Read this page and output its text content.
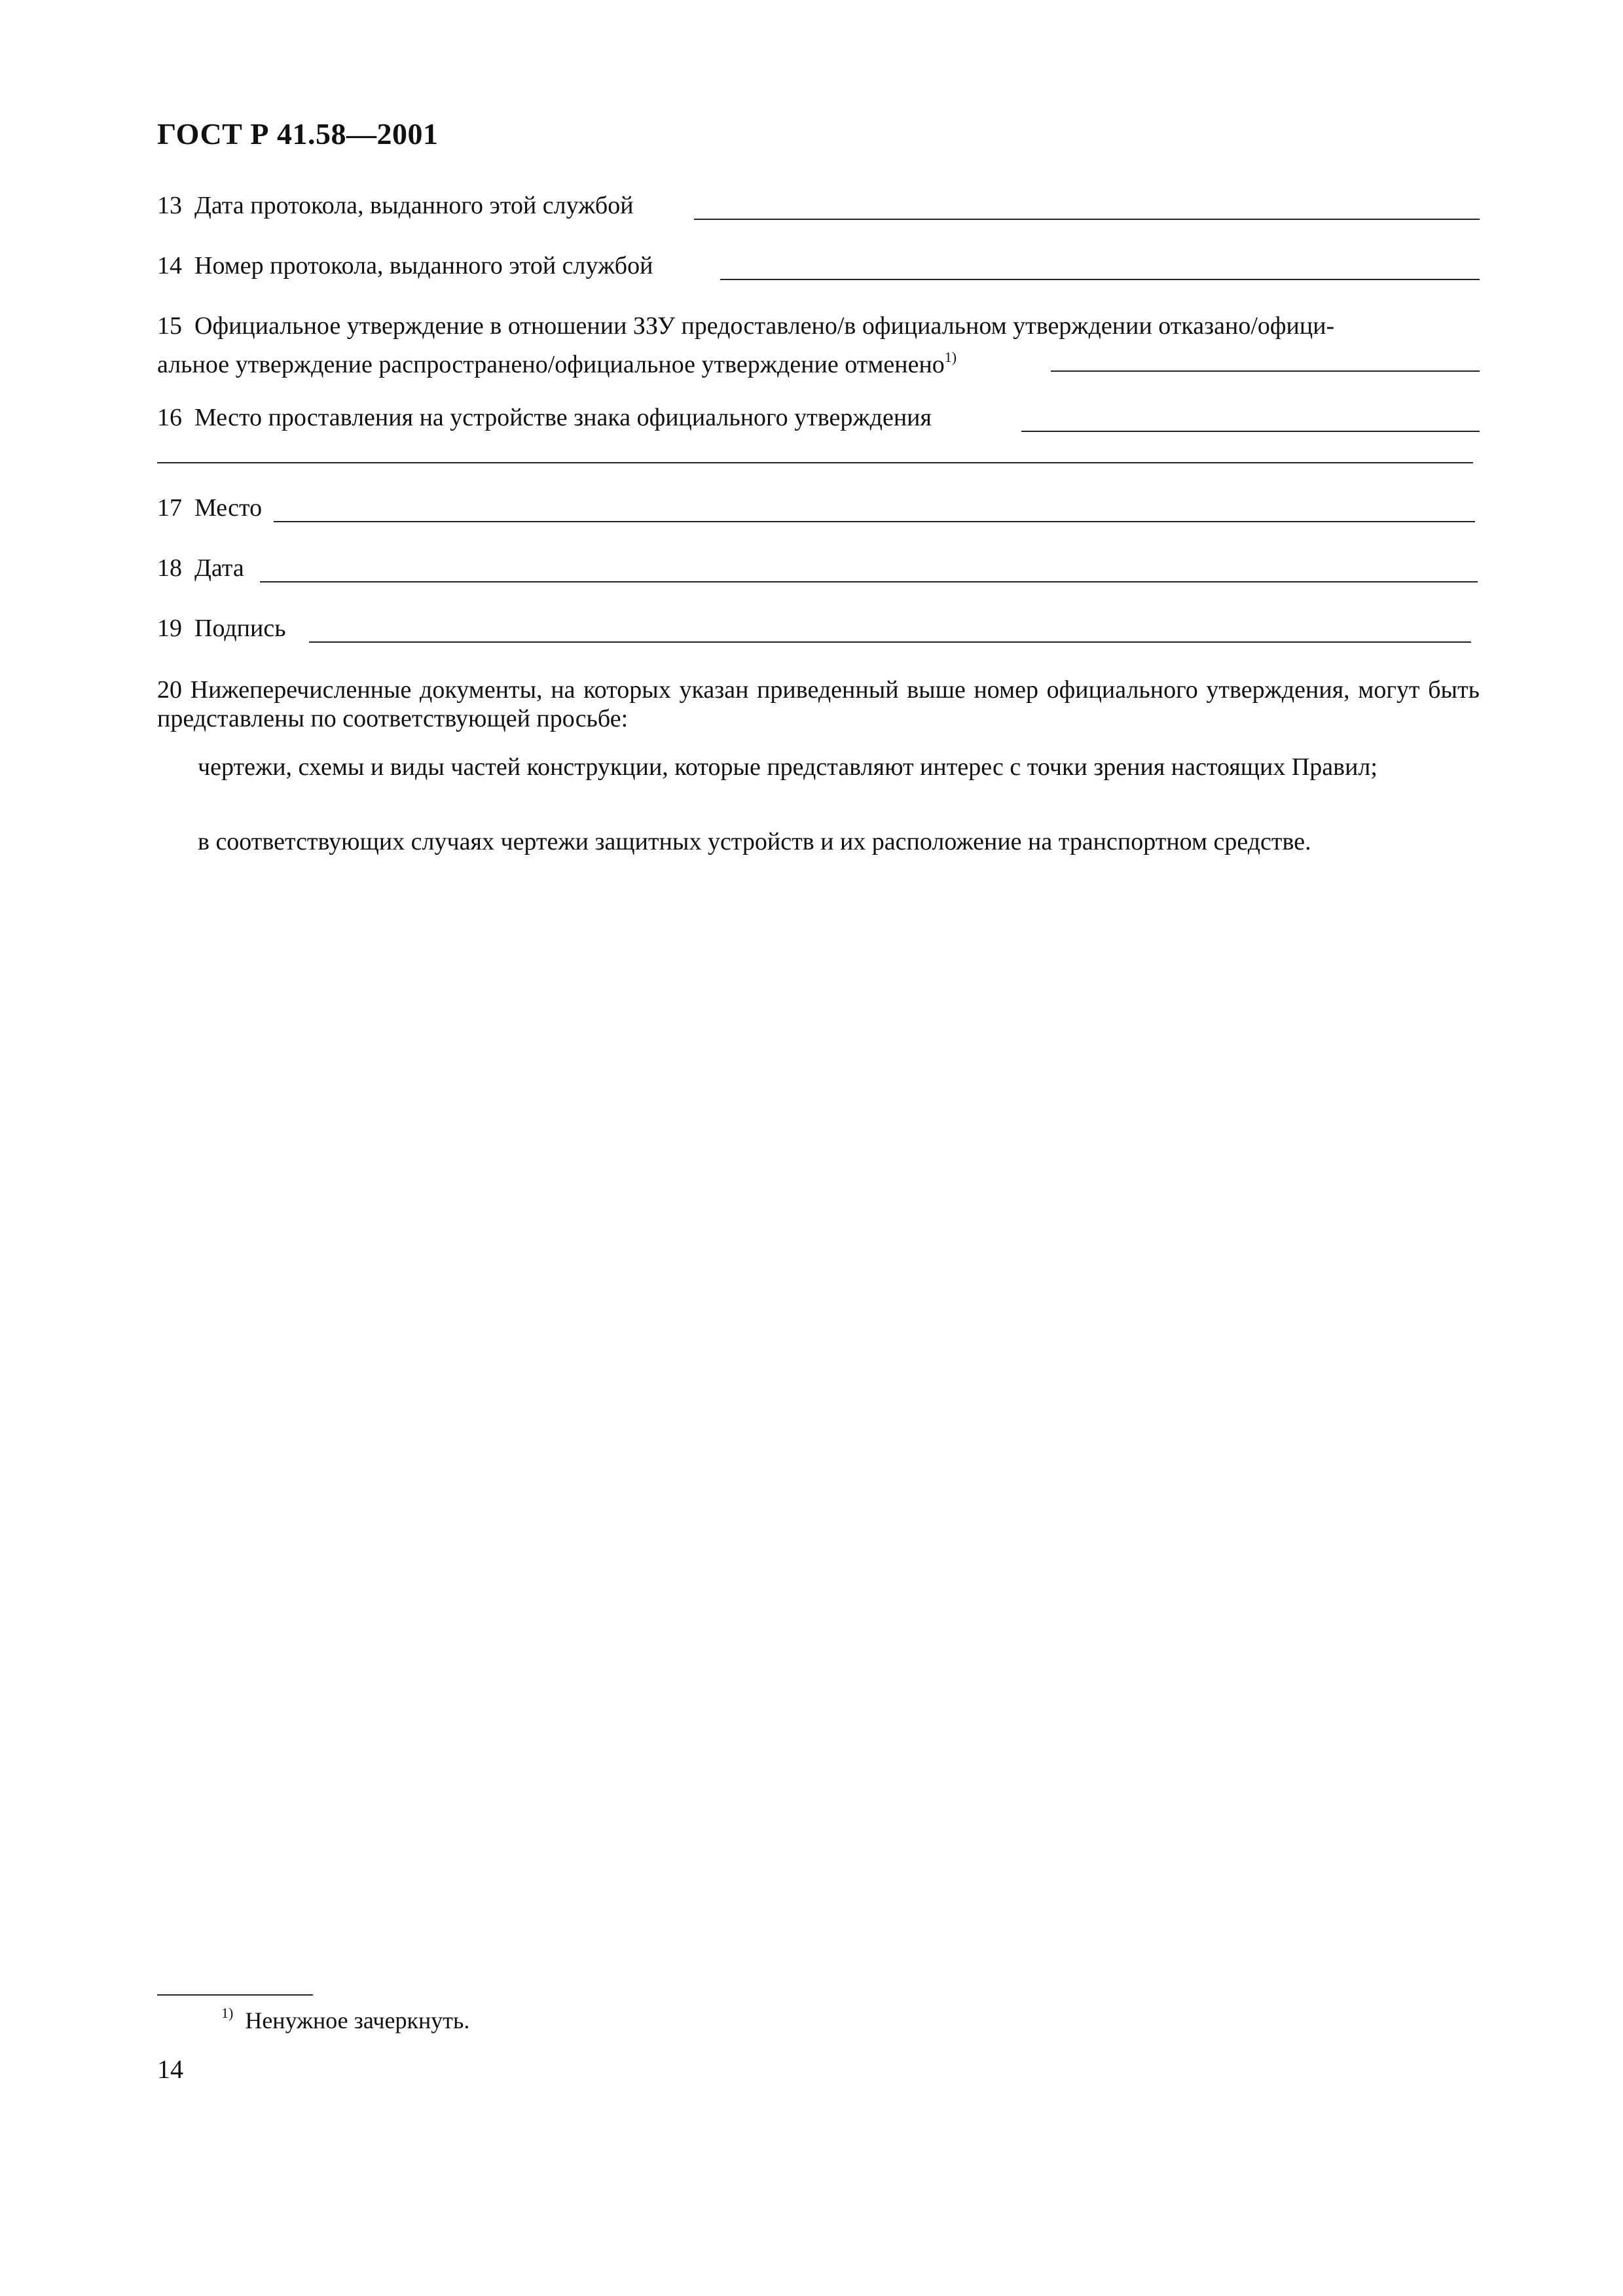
ГОСТ Р 41.58—2001
13 Дата протокола, выданного этой службой
14 Номер протокола, выданного этой службой
15 Официальное утверждение в отношении ЗЗУ предоставлено/в официальном утверждении отказано/офици-
альное утверждение распространено/официальное утверждение отменено$^{1)}$
16 Место проставления на устройстве знака официального утверждения
17 Место
18 Дата
19 Подпись
20 Нижеперечисленные документы, на которых указан приведенный выше номер официального утверждения, могут быть представлены по соответствующей просьбе:
чертежи, схемы и виды частей конструкции, которые представляют интерес с точки зрения настоящих Правил;
в соответствующих случаях чертежи защитных устройств и их расположение на транспортном средстве.
$^{1)}$ Ненужное зачеркнуть.
14
